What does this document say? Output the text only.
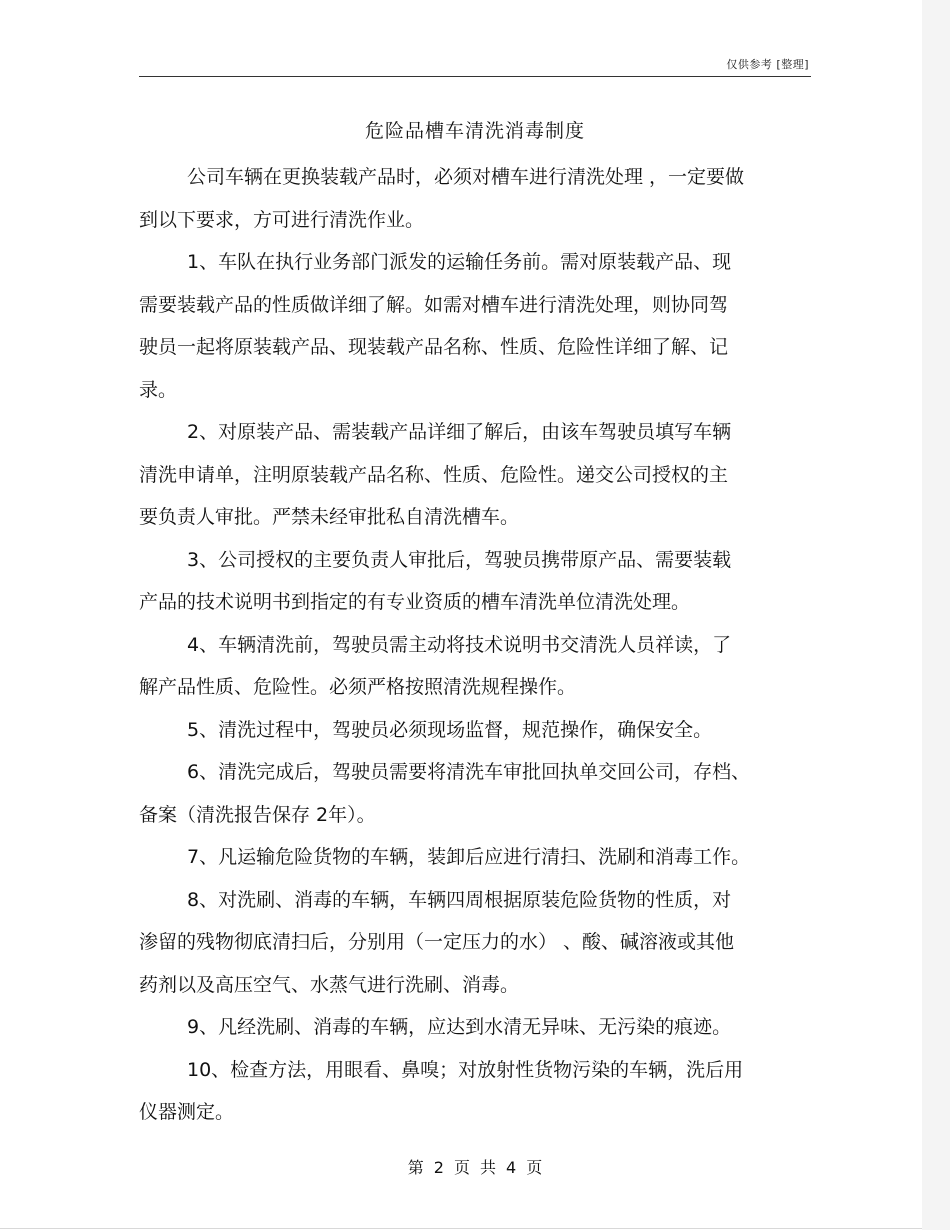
仅供参考 [整理]
危险品槽车清洗消毒制度

公司车辆在更换装载产品时，必须对槽车进行清洗处理 ，一定要做
到以下要求，方可进行清洗作业。

1、车队在执行业务部门派发的运输任务前。需对原装载产品、现
需要装载产品的性质做详细了解。如需对槽车进行清洗处理，则协同驾
驶员一起将原装载产品、现装载产品名称、性质、危险性详细了解、记
录。

2、对原装产品、需装载产品详细了解后，由该车驾驶员填写车辆
清洗申请单，注明原装载产品名称、性质、危险性。递交公司授权的主
要负责人审批。严禁未经审批私自清洗槽车。

3、公司授权的主要负责人审批后，驾驶员携带原产品、需要装载
产品的技术说明书到指定的有专业资质的槽车清洗单位清洗处理。

4、车辆清洗前，驾驶员需主动将技术说明书交清洗人员祥读，了
解产品性质、危险性。必须严格按照清洗规程操作。

5、清洗过程中，驾驶员必须现场监督，规范操作，确保安全。

6、清洗完成后，驾驶员需要将清洗车审批回执单交回公司，存档、
备案（清洗报告保存 2年）。

7、凡运输危险货物的车辆，装卸后应进行清扫、洗刷和消毒工作。

8、对洗刷、消毒的车辆，车辆四周根据原装危险货物的性质，对
渗留的残物彻底清扫后，分别用（一定压力的水） 、酸、碱溶液或其他
药剂以及高压空气、水蒸气进行洗刷、消毒。

9、凡经洗刷、消毒的车辆，应达到水清无异味、无污染的痕迹。

10、检查方法，用眼看、鼻嗅；对放射性货物污染的车辆，洗后用
仪器测定。

第 2 页 共 4 页
